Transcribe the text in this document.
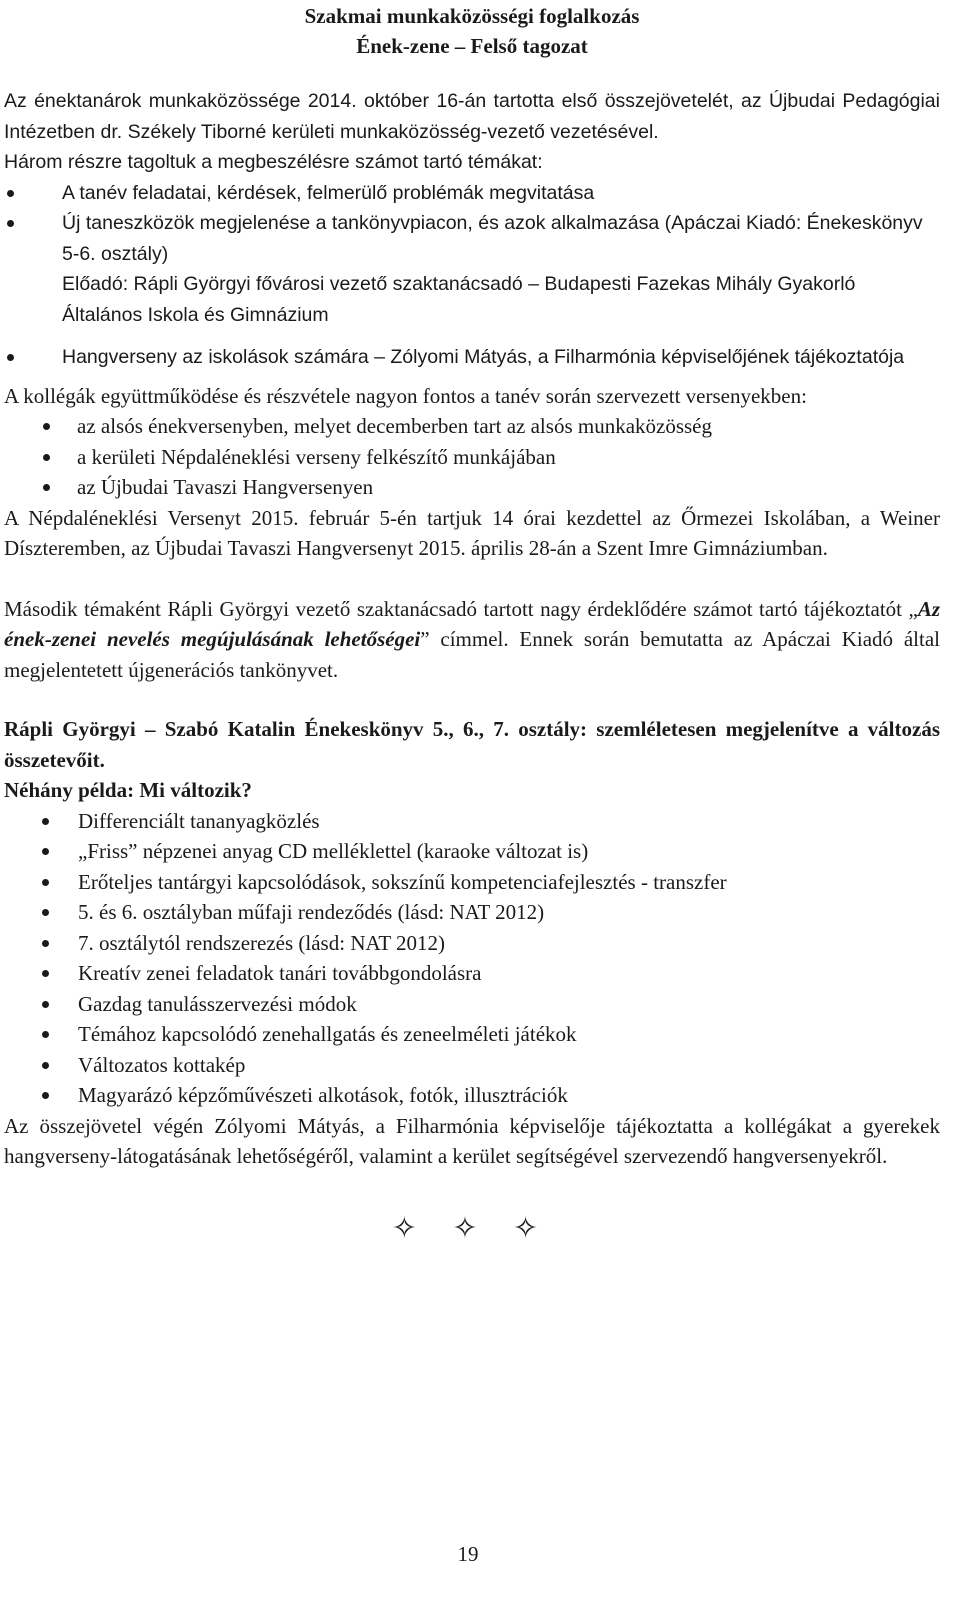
Szakmai munkaközösségi foglalkozás
Ének-zene – Felső tagozat

Az énektanárok munkaközössége 2014. október 16-án tartotta első összejövetelét, az Újbudai Pedagógiai Intézetben dr. Székely Tiborné kerületi munkaközösség-vezető vezetésével.

Három részre tagoltuk a megbeszélésre számot tartó témákat:

A tanév feladatai, kérdések, felmerülő problémák megvitatása
Új taneszközök megjelenése a tankönyvpiacon, és azok alkalmazása (Apáczai Kiadó: Énekeskönyv 5-6. osztály)
Előadó: Rápli Györgyi fővárosi vezető szaktanácsadó – Budapesti Fazekas Mihály Gyakorló Általános Iskola és Gimnázium
Hangverseny az iskolások számára – Zólyomi Mátyás, a Filharmónia képviselőjének tájékoztatója

A kollégák együttműködése és részvétele nagyon fontos a tanév során szervezett versenyekben:

az alsós énekversenyben, melyet decemberben tart az alsós munkaközösség
a kerületi Népdaléneklési verseny felkészítő munkájában
az Újbudai Tavaszi Hangversenyen

A Népdaléneklési Versenyt 2015. február 5-én tartjuk 14 órai kezdettel az Őrmezei Iskolában, a Weiner Díszteremben, az Újbudai Tavaszi Hangversenyt 2015. április 28-án a Szent Imre Gimnáziumban.

Második témaként Rápli Györgyi vezető szaktanácsadó tartott nagy érdeklődére számot tartó tájékoztatót „Az ének-zenei nevelés megújulásának lehetőségei” címmel. Ennek során bemutatta az Apáczai Kiadó által megjelentetett újgenerációs tankönyvet.

Rápli Györgyi – Szabó Katalin Énekeskönyv 5., 6., 7. osztály: szemléletesen megjelenítve a változás összetevőit.

Néhány példa: Mi változik?

Differenciált tananyagközlés
„Friss” népzenei anyag CD melléklettel (karaoke változat is)
Erőteljes tantárgyi kapcsolódások, sokszínű kompetenciafejlesztés - transzfer
5. és 6. osztályban műfaji rendeződés (lásd: NAT 2012)
7. osztálytól rendszerezés (lásd: NAT 2012)
Kreatív zenei feladatok tanári továbbgondolásra
Gazdag tanulásszervezési módok
Témához kapcsolódó zenehallgatás és zeneelméleti játékok
Változatos kottakép
Magyarázó képzőművészeti alkotások, fotók, illusztrációk

Az összejövetel végén Zólyomi Mátyás, a Filharmónia képviselője tájékoztatta a kollégákat a gyerekek hangverseny-látogatásának lehetőségéről, valamint a kerület segítségével szervezendő hangversenyekről.

✧ ✧ ✧
19
